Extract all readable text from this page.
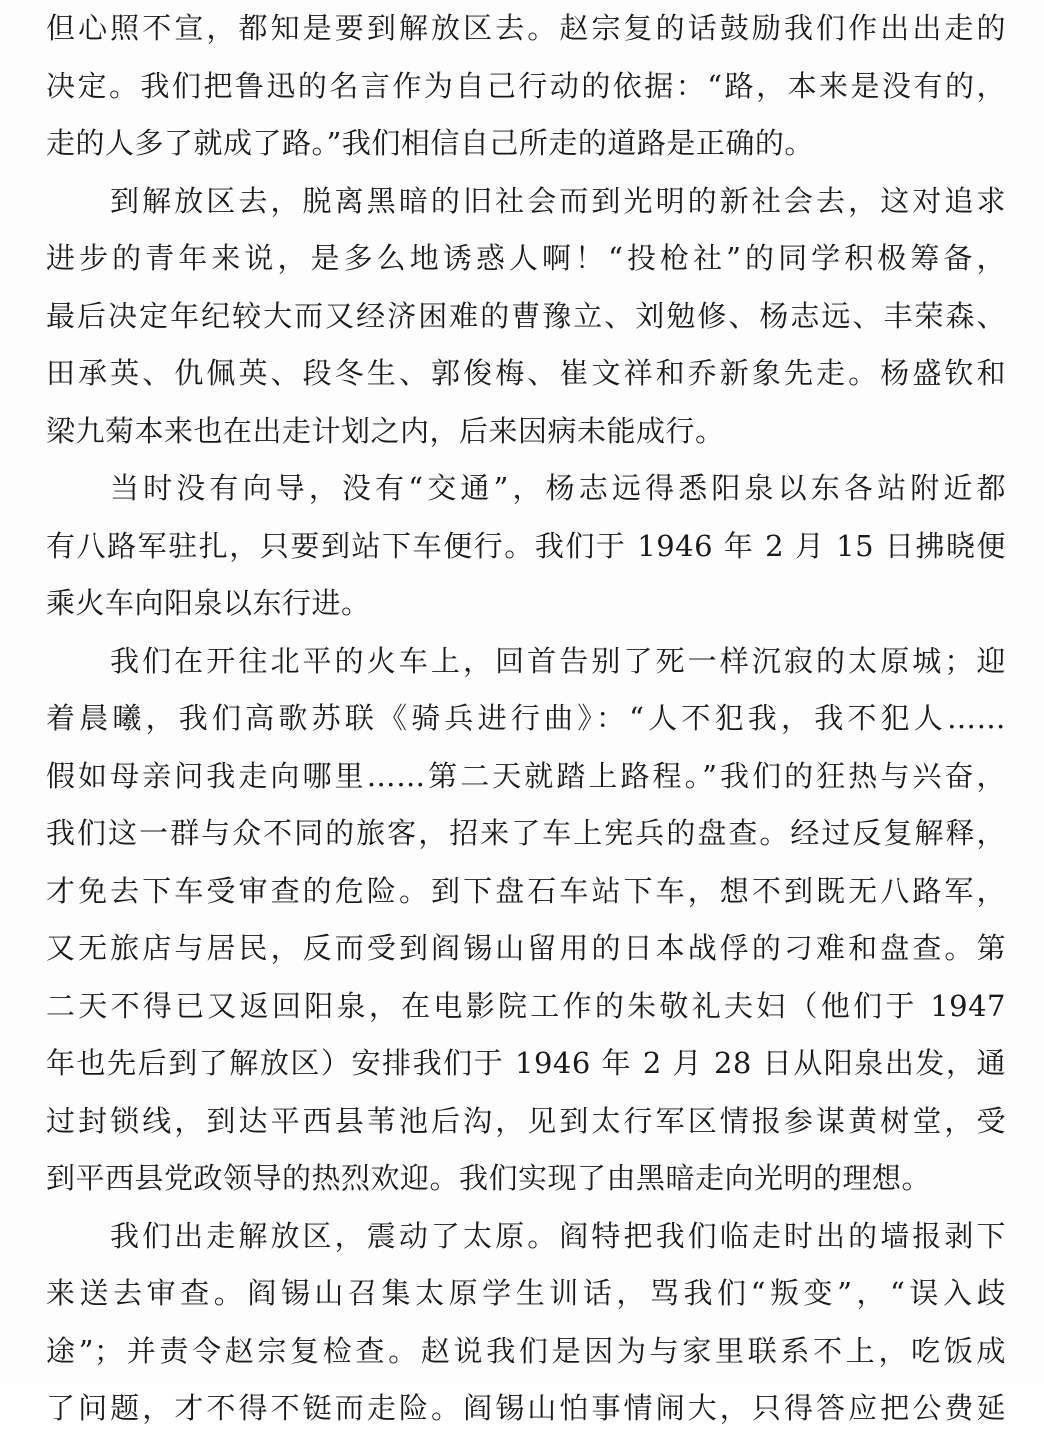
但心照不宣，都知是要到解放区去。赵宗复的话鼓励我们作出出走的
决定。我们把鲁迅的名言作为自己行动的依据：“路，本来是没有的，
走的人多了就成了路。”我们相信自己所走的道路是正确的。
到解放区去，脱离黑暗的旧社会而到光明的新社会去，这对追求
进步的青年来说，是多么地诱惑人啊！“投枪社”的同学积极筹备，
最后决定年纪较大而又经济困难的曹豫立、刘勉修、杨志远、丰荣森、
田承英、仇佩英、段冬生、郭俊梅、崔文祥和乔新象先走。杨盛钦和
梁九菊本来也在出走计划之内，后来因病未能成行。
当时没有向导，没有“交通”，杨志远得悉阳泉以东各站附近都
有八路军驻扎，只要到站下车便行。我们于 1946 年 2 月 15 日拂晓便
乘火车向阳泉以东行进。
我们在开往北平的火车上，回首告别了死一样沉寂的太原城；迎
着晨曦，我们高歌苏联《骑兵进行曲》：“人不犯我，我不犯人……
假如母亲问我走向哪里……第二天就踏上路程。”我们的狂热与兴奋，
我们这一群与众不同的旅客，招来了车上宪兵的盘查。经过反复解释，
才免去下车受审查的危险。到下盘石车站下车，想不到既无八路军，
又无旅店与居民，反而受到阎锡山留用的日本战俘的刁难和盘查。第
二天不得已又返回阳泉，在电影院工作的朱敬礼夫妇（他们于 1947
年也先后到了解放区）安排我们于 1946 年 2 月 28 日从阳泉出发，通
过封锁线，到达平西县苇池后沟，见到太行军区情报参谋黄树堂，受
到平西县党政领导的热烈欢迎。我们实现了由黑暗走向光明的理想。
我们出走解放区，震动了太原。阎特把我们临走时出的墙报剥下
来送去审查。阎锡山召集太原学生训话，骂我们“叛变”，“误入歧
途”；并责令赵宗复检查。赵说我们是因为与家里联系不上，吃饭成
了问题，才不得不铤而走险。阎锡山怕事情闹大，只得答应把公费延
